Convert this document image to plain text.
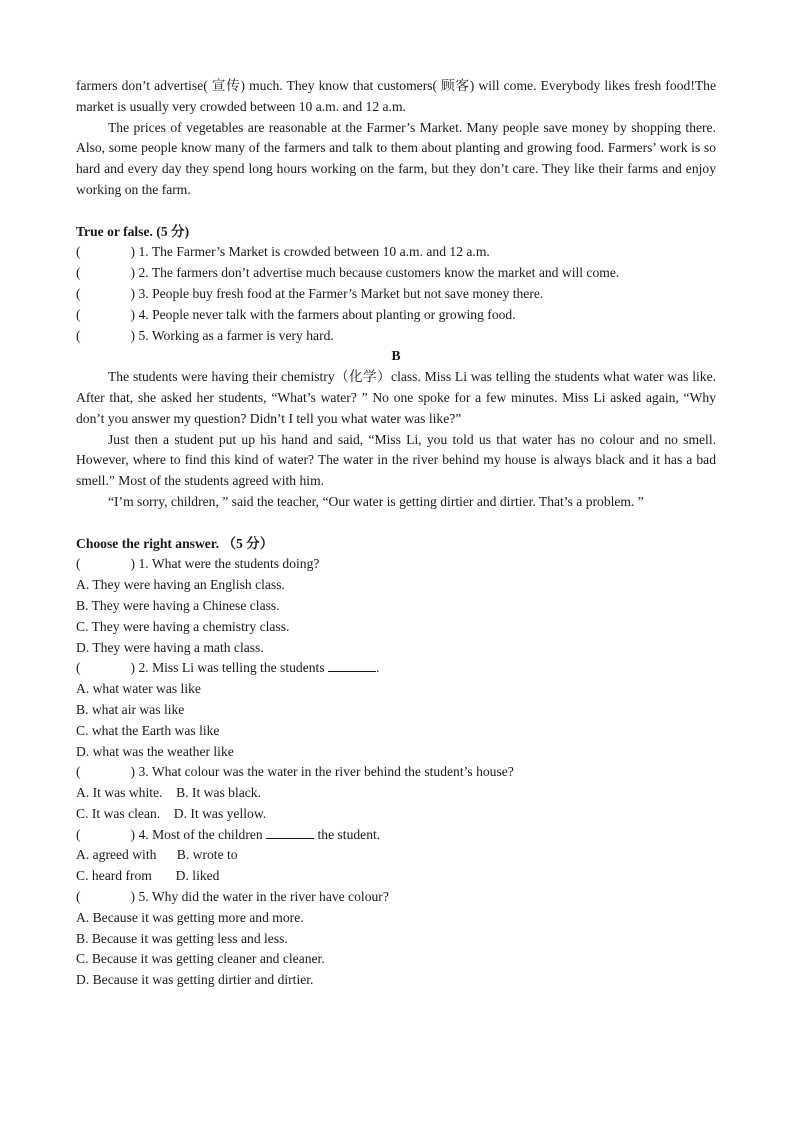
farmers don’t advertise( 宣传) much. They know that customers( 顾客) will come. Everybody likes fresh food!The market is usually very crowded between 10 a.m. and 12 a.m.

The prices of vegetables are reasonable at the Farmer’s Market. Many people save money by shopping there. Also, some people know many of the farmers and talk to them about planting and growing food. Farmers’ work is so hard and every day they spend long hours working on the farm, but they don’t care. They like their farms and enjoy working on the farm.

True or false. (5 分)

(	) 1. The Farmer’s Market is crowded between 10 a.m. and 12 a.m.

(	) 2. The farmers don’t advertise much because customers know the market and will come.

(	) 3. People buy fresh food at the Farmer’s Market but not save money there.

(	) 4. People never talk with the farmers about planting or growing food.

(	) 5. Working as a farmer is very hard.

B

The students were having their chemistry（化学）class. Miss Li was telling the students what water was like. After that, she asked her students, “What’s water? ” No one spoke for a few minutes. Miss Li asked again, “Why don’t you answer my question? Didn’t I tell you what water was like?”

Just then a student put up his hand and said, “Miss Li, you told us that water has no colour and no smell. However, where to find this kind of water? The water in the river behind my house is always black and it has a bad smell.” Most of the students agreed with him.

“I’m sorry, children, ” said the teacher, “Our water is getting dirtier and dirtier. That’s a problem. ”

Choose the right answer. （5 分）

(	) 1. What were the students doing?

A. They were having an English class.

B. They were having a Chinese class.

C. They were having a chemistry class.

D. They were having a math class.

(	) 2. Miss Li was telling the students	.

A. what water was like

B. what air was like

C. what the Earth was like

D. what was the weather like

(	) 3. What colour was the water in the river behind the student’s house?

A. It was white. B. It was black.

C. It was clean. D. It was yellow.

(	) 4. Most of the children	the student.

A. agreed with B. wrote to

C. heard from D. liked

(	) 5. Why did the water in the river have colour?

A. Because it was getting more and more.

B. Because it was getting less and less.

C. Because it was getting cleaner and cleaner.

D. Because it was getting dirtier and dirtier.
